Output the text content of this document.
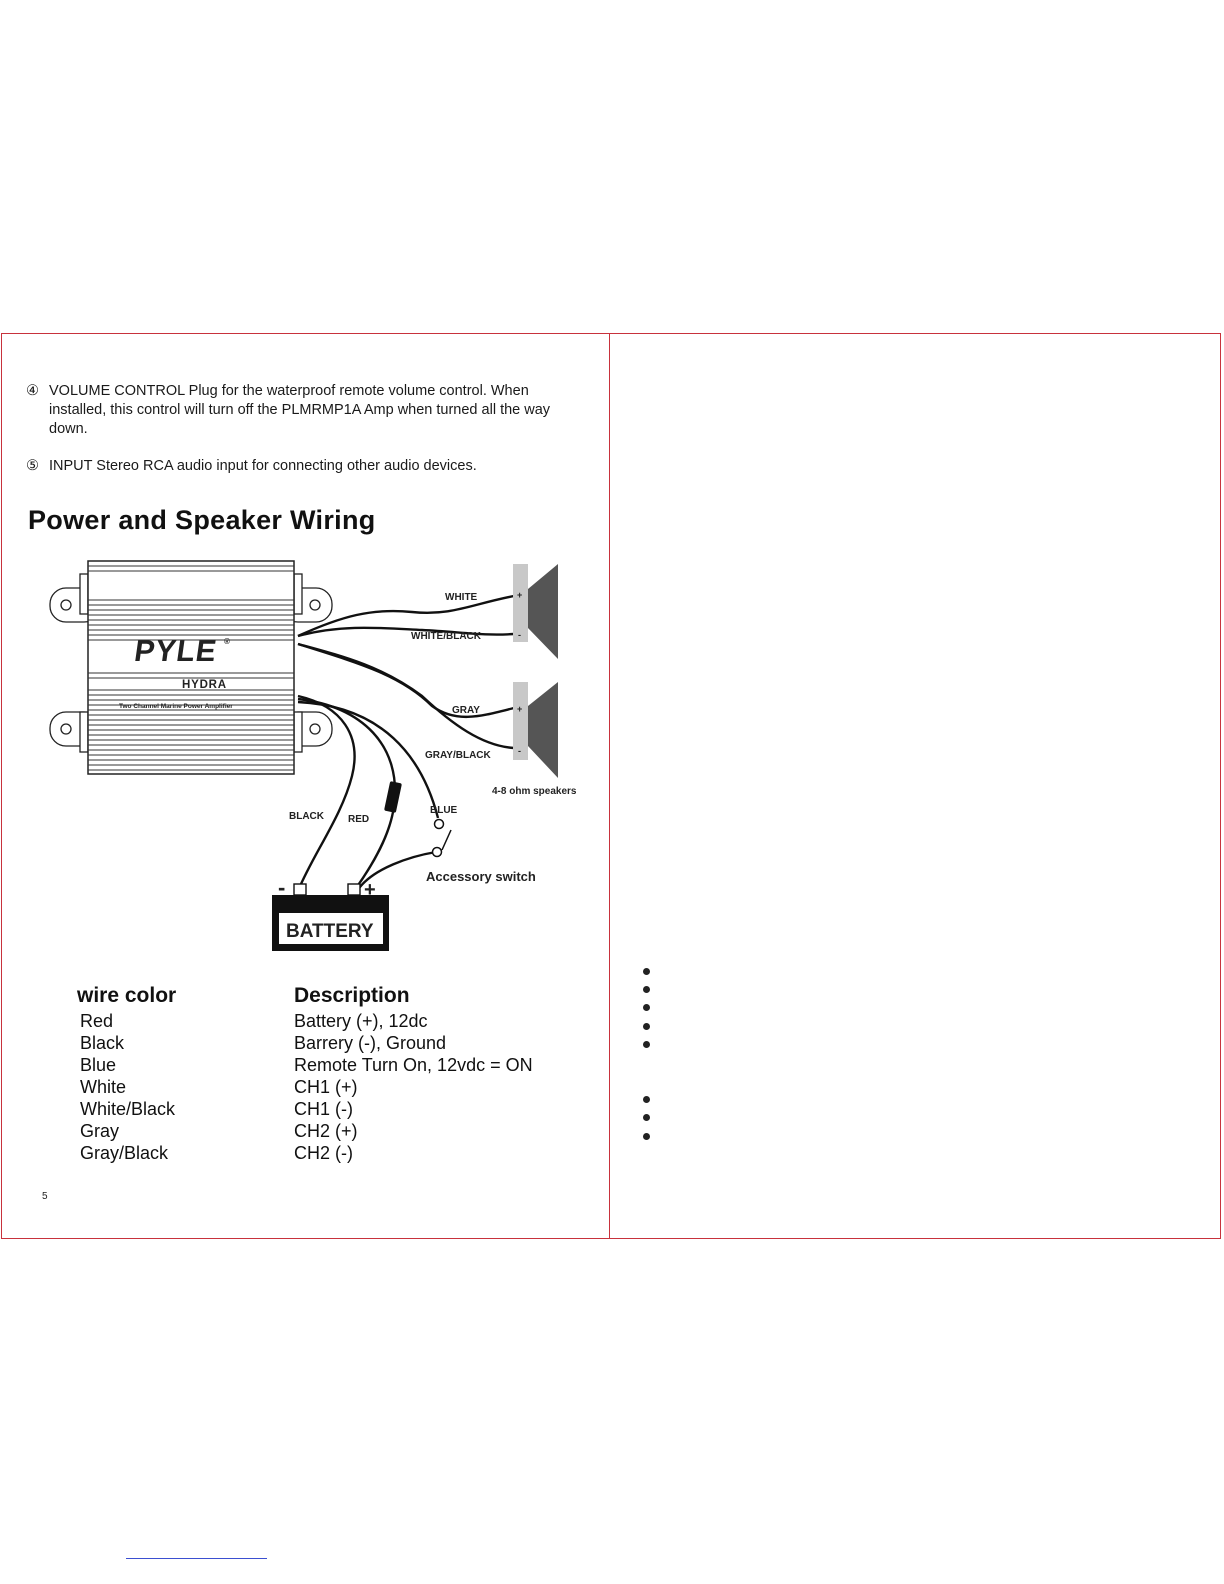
④ VOLUME CONTROL Plug for the waterproof remote volume control. When installed, this control will turn off the PLMRMP1A Amp when turned all the way down.
⑤ INPUT Stereo RCA audio input for connecting other audio devices.
Power and Speaker Wiring
PYLE ®
HYDRA
Two Channel Marine Power Amplifier
+
-
+
-
WHITE
WHITE/BLACK
GRAY
GRAY/BLACK
4-8 ohm speakers
BLACK RED
BLUE
Accessory switch
-	+
BATTERY
wire color	Description
Red
Black
Blue
White
White/Black
Gray
Gray/Black
Battery (+), 12dc
Barrery (-), Ground
Remote Turn On, 12vdc = ON
CH1 (+)
CH1 (-)
CH2 (+)
CH2 (-)
5
